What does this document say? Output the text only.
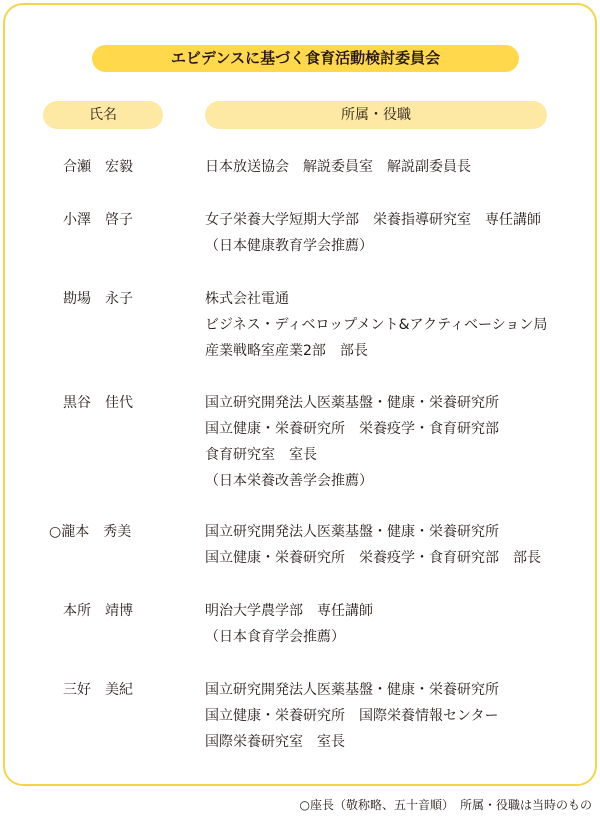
エビデンスに基づく食育活動検討委員会
氏名	所属・役職
　合瀬　宏毅	日本放送協会　解説委員室　解説副委員長
　小澤　啓子	女子栄養大学短期大学部　栄養指導研究室　専任講師
（日本健康教育学会推薦）
　勘場　永子	株式会社電通
ビジネス・ディベロップメント&アクティベーション局
産業戦略室産業2部　部長
　黒谷　佳代	国立研究開発法人医薬基盤・健康・栄養研究所
国立健康・栄養研究所　栄養疫学・食育研究部
食育研究室　室長
（日本栄養改善学会推薦）
○瀧本　秀美	国立研究開発法人医薬基盤・健康・栄養研究所
国立健康・栄養研究所　栄養疫学・食育研究部　部長
　本所　靖博	明治大学農学部　専任講師
（日本食育学会推薦）
　三好　美紀	国立研究開発法人医薬基盤・健康・栄養研究所
国立健康・栄養研究所　国際栄養情報センター
国際栄養研究室　室長
○座長（敬称略、五十音順）　所属・役職は当時のもの
